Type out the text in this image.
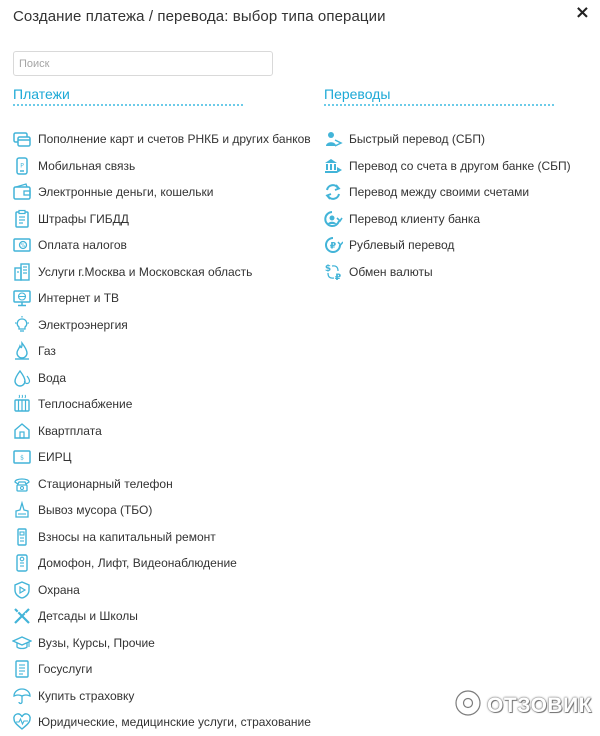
Создание платежа / перевода: выбор типа операции	×
Поиск
Платежи	Переводы
Пополнение карт и счетов РНКБ и других банков
P Мобильная связь
Электронные деньги, кошельки
Штрафы ГИБДД
% Оплата налогов
Услуги г.Москва и Московская область
Интернет и ТВ
Электроэнергия
Газ
Вода
Теплоснабжение
Квартплата
$ ЕИРЦ
Стационарный телефон
Вывоз мусора (ТБО)
Взносы на капитальный ремонт
Домофон, Лифт, Видеонаблюдение
Охрана
Детсады и Школы
Вузы, Курсы, Прочие
Госуслуги
Купить страховку
Юридические, медицинские услуги, страхование
Быстрый перевод (СБП)
Перевод со счета в другом банке (СБП)
Перевод между своими счетами
Перевод клиенту банка
₽ Рублевый перевод
$
₽ Обмен валюты
ОТЗОВИК
